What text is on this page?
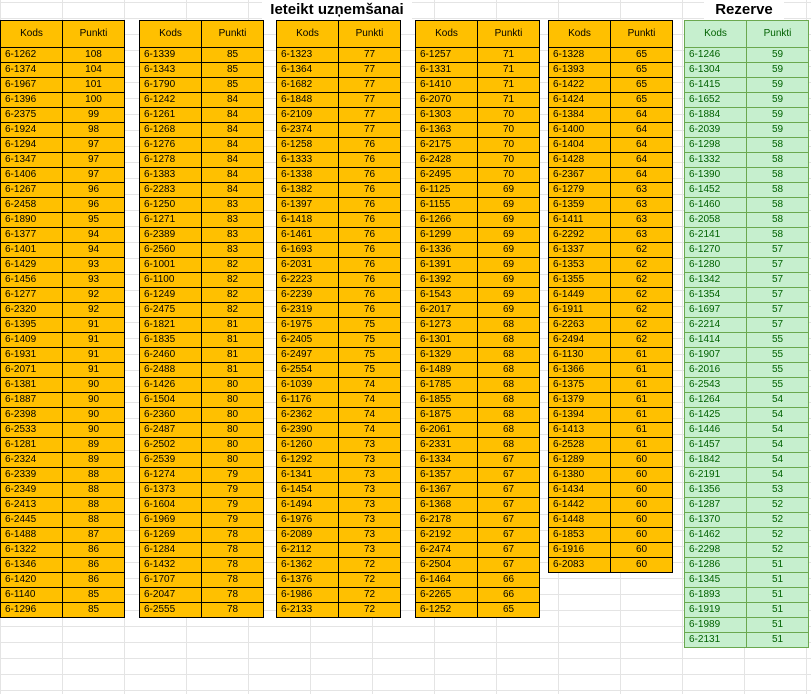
Ieteikt uzņemšanai	Rezerve
Kods	Punkti
6-1262	108
6-1374	104
6-1967	101
6-1396	100
6-2375	99
6-1924	98
6-1294	97
6-1347	97
6-1406	97
6-1267	96
6-2458	96
6-1890	95
6-1377	94
6-1401	94
6-1429	93
6-1456	93
6-1277	92
6-2320	92
6-1395	91
6-1409	91
6-1931	91
6-2071	91
6-1381	90
6-1887	90
6-2398	90
6-2533	90
6-1281	89
6-2324	89
6-2339	88
6-2349	88
6-2413	88
6-2445	88
6-1488	87
6-1322	86
6-1346	86
6-1420	86
6-1140	85
6-1296	85
Kods	Punkti
6-1339	85
6-1343	85
6-1790	85
6-1242	84
6-1261	84
6-1268	84
6-1276	84
6-1278	84
6-1383	84
6-2283	84
6-1250	83
6-1271	83
6-2389	83
6-2560	83
6-1001	82
6-1100	82
6-1249	82
6-2475	82
6-1821	81
6-1835	81
6-2460	81
6-2488	81
6-1426	80
6-1504	80
6-2360	80
6-2487	80
6-2502	80
6-2539	80
6-1274	79
6-1373	79
6-1604	79
6-1969	79
6-1269	78
6-1284	78
6-1432	78
6-1707	78
6-2047	78
6-2555	78
Kods	Punkti
6-1323	77
6-1364	77
6-1682	77
6-1848	77
6-2109	77
6-2374	77
6-1258	76
6-1333	76
6-1338	76
6-1382	76
6-1397	76
6-1418	76
6-1461	76
6-1693	76
6-2031	76
6-2223	76
6-2239	76
6-2319	76
6-1975	75
6-2405	75
6-2497	75
6-2554	75
6-1039	74
6-1176	74
6-2362	74
6-2390	74
6-1260	73
6-1292	73
6-1341	73
6-1454	73
6-1494	73
6-1976	73
6-2089	73
6-2112	73
6-1362	72
6-1376	72
6-1986	72
6-2133	72
Kods	Punkti
6-1257	71
6-1331	71
6-1410	71
6-2070	71
6-1303	70
6-1363	70
6-2175	70
6-2428	70
6-2495	70
6-1125	69
6-1155	69
6-1266	69
6-1299	69
6-1336	69
6-1391	69
6-1392	69
6-1543	69
6-2017	69
6-1273	68
6-1301	68
6-1329	68
6-1489	68
6-1785	68
6-1855	68
6-1875	68
6-2061	68
6-2331	68
6-1334	67
6-1357	67
6-1367	67
6-1368	67
6-2178	67
6-2192	67
6-2474	67
6-2504	67
6-1464	66
6-2265	66
6-1252	65
Kods	Punkti
6-1328	65
6-1393	65
6-1422	65
6-1424	65
6-1384	64
6-1400	64
6-1404	64
6-1428	64
6-2367	64
6-1279	63
6-1359	63
6-1411	63
6-2292	63
6-1337	62
6-1353	62
6-1355	62
6-1449	62
6-1911	62
6-2263	62
6-2494	62
6-1130	61
6-1366	61
6-1375	61
6-1379	61
6-1394	61
6-1413	61
6-2528	61
6-1289	60
6-1380	60
6-1434	60
6-1442	60
6-1448	60
6-1853	60
6-1916	60
6-2083	60
Kods	Punkti
6-1246	59
6-1304	59
6-1415	59
6-1652	59
6-1884	59
6-2039	59
6-1298	58
6-1332	58
6-1390	58
6-1452	58
6-1460	58
6-2058	58
6-2141	58
6-1270	57
6-1280	57
6-1342	57
6-1354	57
6-1697	57
6-2214	57
6-1414	55
6-1907	55
6-2016	55
6-2543	55
6-1264	54
6-1425	54
6-1446	54
6-1457	54
6-1842	54
6-2191	54
6-1356	53
6-1287	52
6-1370	52
6-1462	52
6-2298	52
6-1286	51
6-1345	51
6-1893	51
6-1919	51
6-1989	51
6-2131	51
